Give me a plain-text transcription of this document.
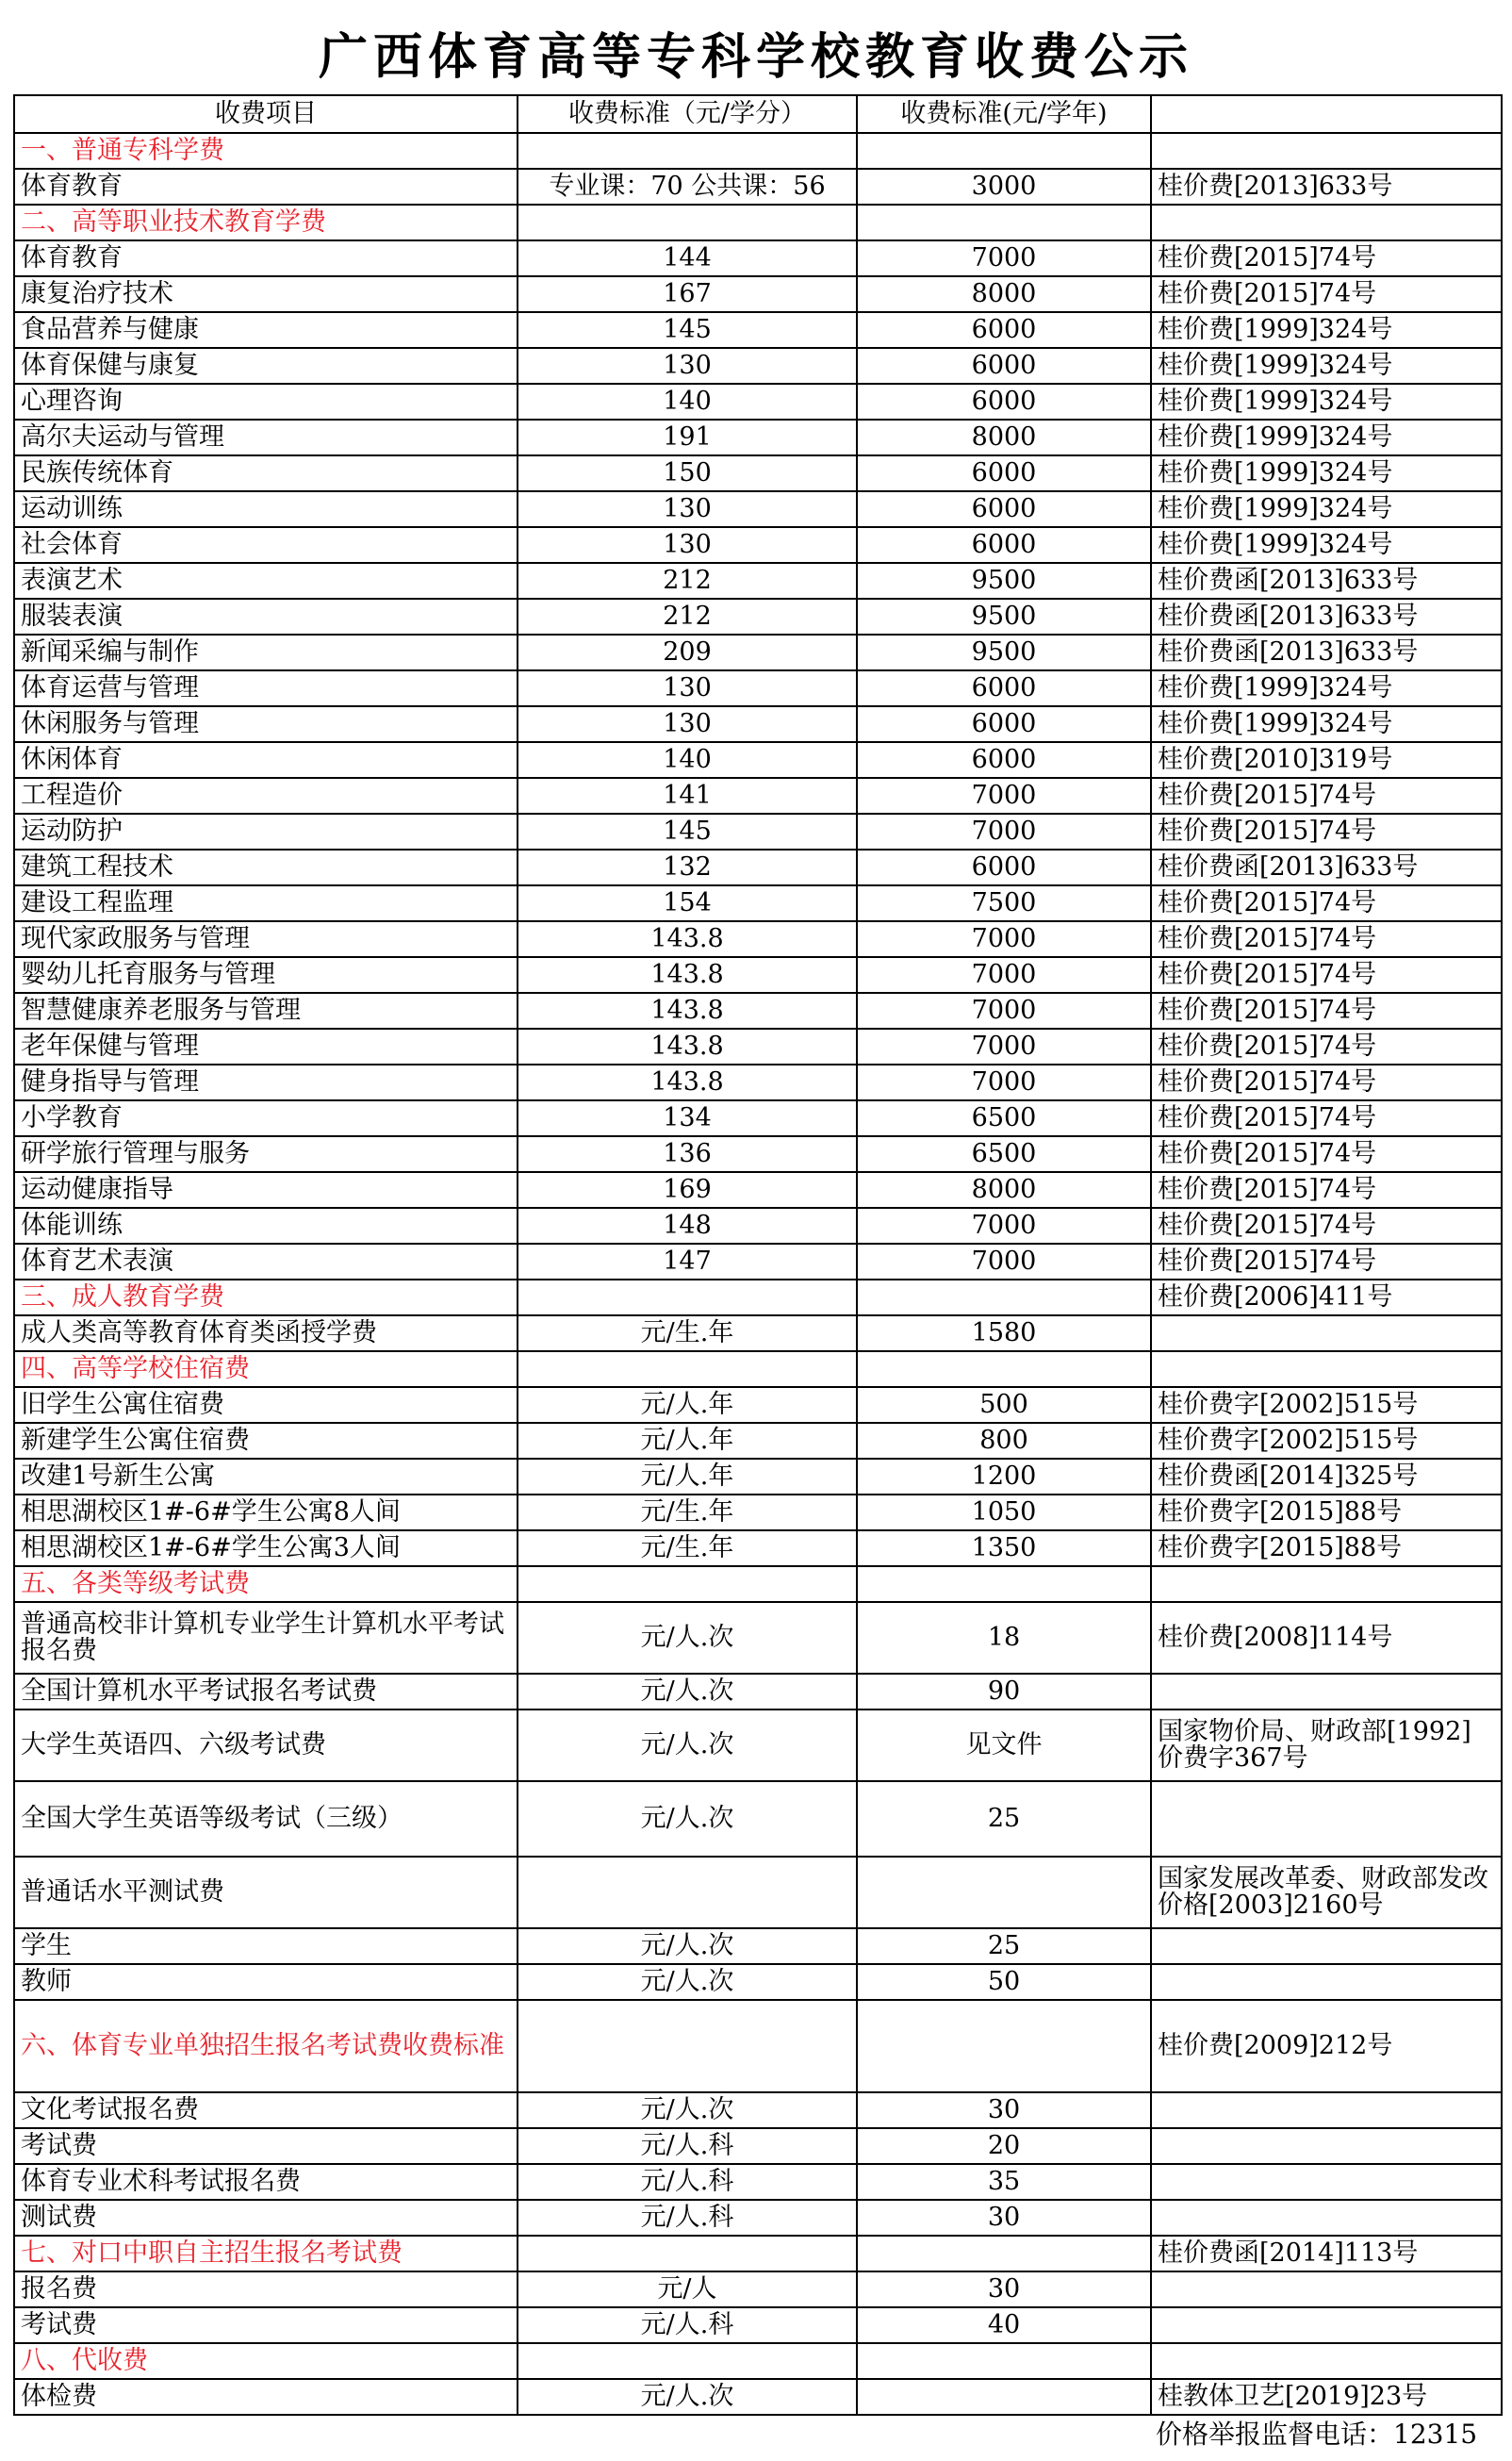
广西体育高等专科学校教育收费公示
收费项目	收费标准（元/学分）	收费标准(元/学年)	
一、普通专科学费			
体育教育	专业课：70 公共课：56	3000	桂价费[2013]633号
二、高等职业技术教育学费			
体育教育	144	7000	桂价费[2015]74号
康复治疗技术	167	8000	桂价费[2015]74号
食品营养与健康	145	6000	桂价费[1999]324号
体育保健与康复	130	6000	桂价费[1999]324号
心理咨询	140	6000	桂价费[1999]324号
高尔夫运动与管理	191	8000	桂价费[1999]324号
民族传统体育	150	6000	桂价费[1999]324号
运动训练	130	6000	桂价费[1999]324号
社会体育	130	6000	桂价费[1999]324号
表演艺术	212	9500	桂价费函[2013]633号
服装表演	212	9500	桂价费函[2013]633号
新闻采编与制作	209	9500	桂价费函[2013]633号
体育运营与管理	130	6000	桂价费[1999]324号
休闲服务与管理	130	6000	桂价费[1999]324号
休闲体育	140	6000	桂价费[2010]319号
工程造价	141	7000	桂价费[2015]74号
运动防护	145	7000	桂价费[2015]74号
建筑工程技术	132	6000	桂价费函[2013]633号
建设工程监理	154	7500	桂价费[2015]74号
现代家政服务与管理	143.8	7000	桂价费[2015]74号
婴幼儿托育服务与管理	143.8	7000	桂价费[2015]74号
智慧健康养老服务与管理	143.8	7000	桂价费[2015]74号
老年保健与管理	143.8	7000	桂价费[2015]74号
健身指导与管理	143.8	7000	桂价费[2015]74号
小学教育	134	6500	桂价费[2015]74号
研学旅行管理与服务	136	6500	桂价费[2015]74号
运动健康指导	169	8000	桂价费[2015]74号
体能训练	148	7000	桂价费[2015]74号
体育艺术表演	147	7000	桂价费[2015]74号
三、成人教育学费			桂价费[2006]411号
成人类高等教育体育类函授学费	元/生.年	1580	
四、高等学校住宿费			
旧学生公寓住宿费	元/人.年	500	桂价费字[2002]515号
新建学生公寓住宿费	元/人.年	800	桂价费字[2002]515号
改建1号新生公寓	元/人.年	1200	桂价费函[2014]325号
相思湖校区1#-6#学生公寓8人间	元/生.年	1050	桂价费字[2015]88号
相思湖校区1#-6#学生公寓3人间	元/生.年	1350	桂价费字[2015]88号
五、各类等级考试费			
普通高校非计算机专业学生计算机水平考试报名费	元/人.次	18	桂价费[2008]114号
全国计算机水平考试报名考试费	元/人.次	90	
大学生英语四、六级考试费	元/人.次	见文件	国家物价局、财政部[1992]价费字367号
全国大学生英语等级考试（三级）	元/人.次	25	
普通话水平测试费			国家发展改革委、财政部发改价格[2003]2160号
学生	元/人.次	25	
教师	元/人.次	50	
六、体育专业单独招生报名考试费收费标准			桂价费[2009]212号
文化考试报名费	元/人.次	30	
考试费	元/人.科	20	
体育专业术科考试报名费	元/人.科	35	
测试费	元/人.科	30	
七、对口中职自主招生报名考试费			桂价费函[2014]113号
报名费	元/人	30	
考试费	元/人.科	40	
八、代收费			
体检费	元/人.次		桂教体卫艺[2019]23号
价格举报监督电话：12315
